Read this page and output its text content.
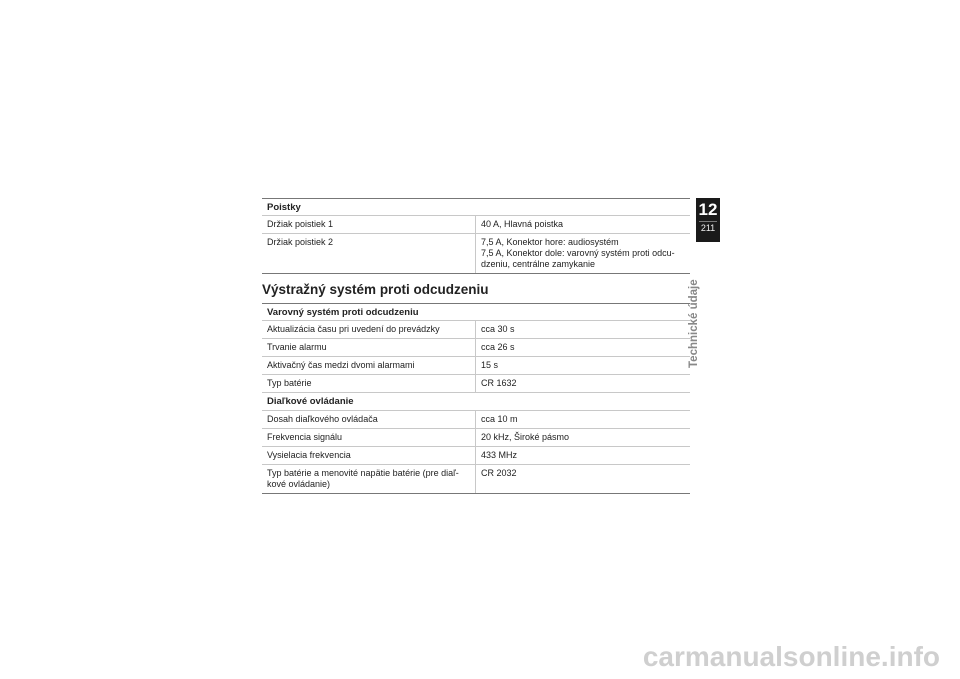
Poistky	
Držiak poistiek 1	40 A, Hlavná poistka
Držiak poistiek 2	7,5 A, Konektor hore: audiosystém
7,5 A, Konektor dole: varovný systém proti odcu-
dzeniu, centrálne zamykanie
Výstražný systém proti odcudzeniu
Varovný systém proti odcudzeniu	
Aktualizácia času pri uvedení do prevádzky	cca 30 s
Trvanie alarmu	cca 26 s
Aktivačný čas medzi dvomi alarmami	15 s
Typ batérie	CR 1632
Diaľkové ovládanie	
Dosah diaľkového ovládača	cca 10 m
Frekvencia signálu	20 kHz, Široké pásmo
Vysielacia frekvencia	433 MHz
Typ batérie a menovité napätie batérie (pre diaľ-
kové ovládanie)	CR 2032
12
211
Technické údaje
carmanualsonline.info
